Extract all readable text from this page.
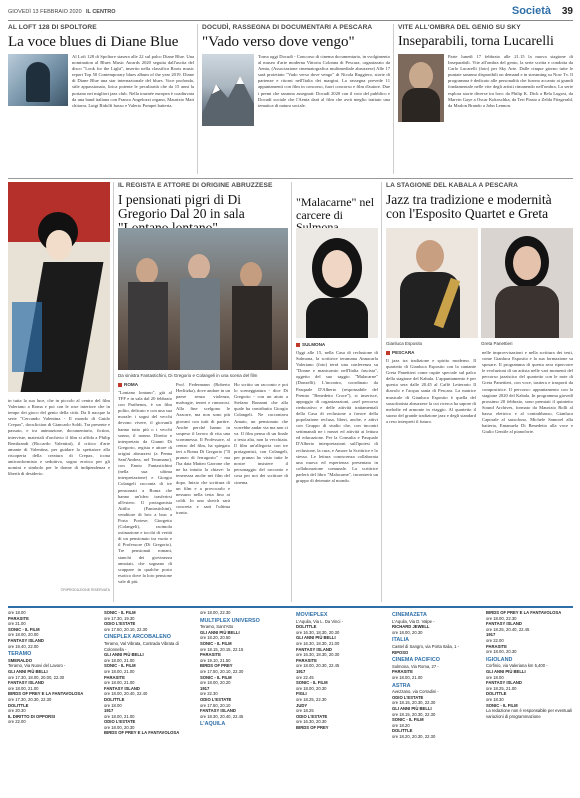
GIOVEDÌ 13 FEBBRAIO 2020 IL CENTRO	Società 39
AL LOFT 128 DI SPOLTORE
La voce blues di Diane Blue
Al Loft 128 di Spoltore stasera alle 22 sul palco Diane Blue. Una nomination al Blues Music Awards 2020 seguita dall'uscita del disco "Look for the Light", inserito nella classifica Roots music report Top 50 Contemporary blues album of the year 2019. Diane di Diane Blue una star internazionale del blues. Voce profonda, stile appassionato, lirica potente le peculiarità che da 15 anni la portano nei migliori jazz club. Nella tournée europea è coadiuvata da una band italiana con Franco Angelozzi organo, Maurizio Matt chitarra, Luigi Ridolfi basso e Valerio Pompei batteria.
DOCUDÌ, RASSEGNA DI DOCUMENTARI A PESCARA
"Vado verso dove vengo"
Torna oggi Docudì - Concorso di cinema documentario, in svolgimento al museo d'arte moderna Vittoria Colonna di Pescara, organizzato da Aenia, (Associazione cinematografica multimediale abruzzese) Alle 17 sarà proiettato "Vado verso dove vengo" di Nicola Ruggiero, storie di partenze e ritorni nell'Italia dei margini. La rassegna prevede 11 appuntamenti con film in concorso, fuori concorso e film d'autore. Due i premi che saranno assegnati: Docudì 2020 con il voto del pubblico e Docudì sociale che l'Aenia darà al film che avrà meglio trattato una tematica di natura sociale.
VITE ALL'OMBRA DEL GENIO SU SKY
Inseparabili, torna Lucarelli
Parte lunedì 17 febbraio alle 21.15 la nuova stagione di Inseparabili. Vite all'ombra del genio, la serie scritta e condotta da Carlo Lucarelli (foto) per Sky Arte. Dalle cinque giorno tutte le puntate saranno disponibili on demand e in streaming su Now Tv. Il programma è dedicato alle personalità che furono accanto ai grandi fondamentale nelle vite degli artisti rimanendo nell'ombra. La serie esplora storie diverse tra loro: da Philip K. Dick a Bela Lugosi, da Marvin Gaye a Oscar Kokoschka, da Teri Piasto a Zelda Fitzgerald, da Marlon Brando a John Lennon.
in tutta la sua luce, che in piccolo al centro del film Valeriano a Roma e poi con le rose interiore che in tempo dei gioco del genio della città. Da lì nacque la serie "Cercando Valentina - Il mondo di Guido Crepax", docufiction di Giancarlo Soldi. Tra presente e passato, e tra animazione, documentario, fiction, interviste, materiali d'archivio il film si affida a Philip Rembrandt (Riccardo Valentini), il critico d'arte amante di Valentina, per guidare lo spettatore alla riscoperta della creatura di Crepax, icona anticonformista e seduttiva, sogno erotico per gli uomini e simbolo per le donne di indipendenza e libertà di desiderio.
©RIPRODUZIONE RISERVATA
IL REGISTA E ATTORE DI ORIGINE ABRUZZESE
I pensionati pigri di Di Gregorio Dal 20 in sala
Da sinistra Fantastichini, Di Gregorio e Colangeli in una scena del film
ROMA
"Lontano lontano", già al TFF e in sala dal 20 febbraio con Parthenos, è un film polito, delicato e con una sua morale: i sogni del vecchi devono vivere, il giovanili hanno tutto più o i vecchi sonno, il nonno. Diretto e interpretato da Gianni Di Gregorio, regista e attore di origini abruzzesi (a Penna Sant'Andrea, nel Teramano), con Ennio Fantastichini (nella sua ultima interpretazione) e Giorgio Colangeli racconta di tre pensionati a Roma che hanno un'idea: trasferirsi all'estero. Il protagonista Attilio (Fantastichini), venditore di bric a brac a Porta Portese; Giorgetto (Colangeli), racimola ostinazione e tocchi di verità di un pensionato tra vuoto e il Professore (Di Gregorio). Tre pensionati romani, stanchi dei giovinezza annoiati, che sognano di scappare in qualche posto esotico dove la loro pensione vale di più.
Prof. Federmann (Roberto Herlitzka), dove andare in un paese senza violenza, malvagie, teneri e rumorosi. Alla fine scelgono le Azzorre, ma non sono più giovani con tutti di partire. Anche perché hanno in sospeso il lavoro di vita una scommessa. Il Professore, al centro del film, ha spiegato ieri a Roma Di Gregorio ("Il pranzo di ferragosto" - ma l'ha data Matteo Garrone che ne ha intuito la chiave: la tenerezza anche nei film del dopo. Inizio che scrittura di un film e a provocarlo e nessuno nella testa fino ai coldi. In uno sketch sarà concreta e sarà l'ultima ironia.
Ho scritto un racconto e poi lo sceneggiatura - dice Di Gregorio - con un aiuto a Stefano Bonanni che alla quale ha contribuito Giorgio Colangeli. Ne raccontava Amato, un pensionato che vorrebbe andar via ma non ci va. Il film pensa di un finale a testa alta, non la vecchiaia. Il film un'allegoria con tre protagonisti, con Colangeli, per pranzo ho visto tutte le nostre insistere il personaggio del racconto e cosa per noi dei scrittore di cinema.
"Malacarne" nel carcere di
SULMONA
Oggi alle 15, nella Casa di reclusione di Sulmona, la scrittrice teramana Annacarla Valeriano (foto) terrà una conferenza su "Donne e manicomio nell'Italia fascista", oggetto del suo saggio "Malacarne" (Donzelli). L'incontro, coordinato da Pasquale D'Alberto (responsabile del Premio "Benedetto Croce"), si inserisce, appoggio di organizzazioni, «nel percorso rieducativo e delle attività trattamentali della Casa di reclusione a favore della popolazione reclusa, liberi, anche, e attivi con Gruppo di studio che, con incontri settimanali ne i mezzi ed attività ai lettura ed educazione. Per la Consulta e Pasquale D'Alberto interpretazioni sull'ipotesi di reclusione, la cura, e Amore la Scrittrice e lo stesso. Le lettura conoscenza collaborata una nuova ed esperienza presentata in collaborazione comunale. La scrittrice parlerà del libro "Malacarne", incontrerà un gruppo di detenute al mondo.
LA STAGIONE DEL KABALA A PESCARA
Jazz tra tradizione e modernità con l'Esposito Quartet e Greta
Gianluca Esposito	Greta Panettieri
PESCARA
Il jazz tra tradizione e spirito moderno. Il quartetto di Gianluca Esposito con la cantante Greta Panettieri come ospite speciale sul palco della stagione del Kabala. L'appuntamento è per questa sera dalle 20.45 al Caffè Letterario Il diavolo e l'acqua santa di Pescara. La matrice musicale di Gianluca Esposito è quella del sassofonista abruzzese la cui ricerca ha sapore di melodie ed armonie in viaggio. Al quartetto il suono del grande tradizione jazz e degli standard a reso interpreti il futuro.
nelle improvvisazioni e nella scrittura dei testi, come Gianluca Esposito e la sua formazione sa sposare. Il programma di questa sera ripercorre le evoluzioni di un artista nelle vari momenti del percorso jazzistico del quartetto con le note di Greta Panettieri, con voce, tastiera e trasporti da compositrice. Il percorso: appuntamento con la stagione 2020 del Kabala. In programma giovedì prossimo 20 febbraio, sono premiati il quintetto Sound Archives, formato da Maurizio Rolli al basso elettrico e al contrabbasso, Gianluca Caporale al sassofono, Michele Samorel alla batteria, Emanuela Di Benedetto alla voce e Giulio Gentile al pianoforte.
ore 18.00
PARASITE
ore 21.00
SONIC - IL FILM
ore 18.00, 20.00
FANTASY ISLAND
ore 19.40, 22.00
TERAMO
SMERALDO
Teramo, Via Nuovi del Lavoro -
GLI ANNI PIÙ BELLI
ore 17.30, 18.00, 20.00, 22.30
FANTASY ISLAND
ore 18.00, 21.00
BIRDS OF PREY E LA FANTAVOLOSA
ore 17.30, 20.30, 22.30
DOLITTLE
ore 20.30
IL DIRITTO DI OPPORSI
ore 22.00
SONIC - IL FILM
ore 17.30, 19.30
ODIO L'ESTATE
ore 17.50, 20.10, 22.30
CINEPLEX ARCOBALENO
Teramo, Val Vibrata, Contrada Vibrata di Colonnella -
GLI ANNI PIÙ BELLI
ore 18.00, 21.00
SONIC - IL FILM
ore 18.00, 21.00
PARASITE
ore 18.00, 21.00
FANTASY ISLAND
ore 18.00, 20.40, 22.40
DOLITTLE
ore 18.00
1917
ore 18.00, 21.00
ODIO L'ESTATE
ore 18.00, 20.30
BIRDS OF PREY E LA FANTAVOLOSA
ore 18.00, 22.30
MULTIPLEX UNIVERSO
Teramo, Sant'Atto
GLI ANNI PIÙ BELLI
ore 18.20, 20.50
SONIC - IL FILM
ore 18.15, 20.15, 22.15
PARASITE
ore 19.10, 21.50
BIRDS OF PREY
ore 17.50, 20.10, 22.30
SONIC - IL FILM
ore 18.00, 20.20
1917
ore 22.30
ODIO L'ESTATE
ore 17.50, 20.10
FANTASY ISLAND
ore 18.30, 20.40, 22.45
L'AQUILA
MOVIEPLEX
L'Aquila, Via L. Da Vinci -
DOLITTLE
ore 16.30, 18.30, 20.30
GLI ANNI PIÙ BELLI
ore 16.30, 18.30, 21.00
FANTASY ISLAND
ore 16.30, 18.30, 20.30
PARASITE
ore 18.00, 20.30, 22.45
1917
ore 22.45
SONIC - IL FILM
ore 18.00, 20.30
FIGLI
ore 18.25, 22.30
JUDY
ore 18.25
ODIO L'ESTATE
ore 16.30, 20.30
BIRDS OF PREY
CINEMAZETA
L'Aquila, Via D. Valpe -
RICHARD JEWELL
ore 18.00, 20.30
ITALIA
Castel di Sangro, via Porta Italia, 1 -
RIPOSO
CINEMA PACIFICO
Sulmona, Via Roma, 27 -
PARASITE
ore 18.00, 21.00
ASTRA
Avezzano, via Corradini -
ODIO L'ESTATE
ore 18.15, 20.30, 22.30
GLI ANNI PIÙ BELLI
ore 18.15, 20.30, 22.30
SONIC - IL FILM
ore 18.20
DOLITTLE
ore 18.20, 20.30, 22.30
BIRDS OF PREY E LA FANTAVOLOSA
ore 18.00, 22.30
FANTASY ISLAND
ore 18.25, 20.40, 22.45
1917
ore 22.00
PARASITE
ore 18.00, 20.30
IGIOLAND
Corfinio, via Valeriana km 5,400 -
GLI ANNI PIÙ BELLI
ore 18.00
FANTASY ISLAND
ore 18.25, 21.00
DOLITTLE
ore 18.30
SONIC - IL FILM
La redazione non è responsabile per eventuali variazioni di programmazione
